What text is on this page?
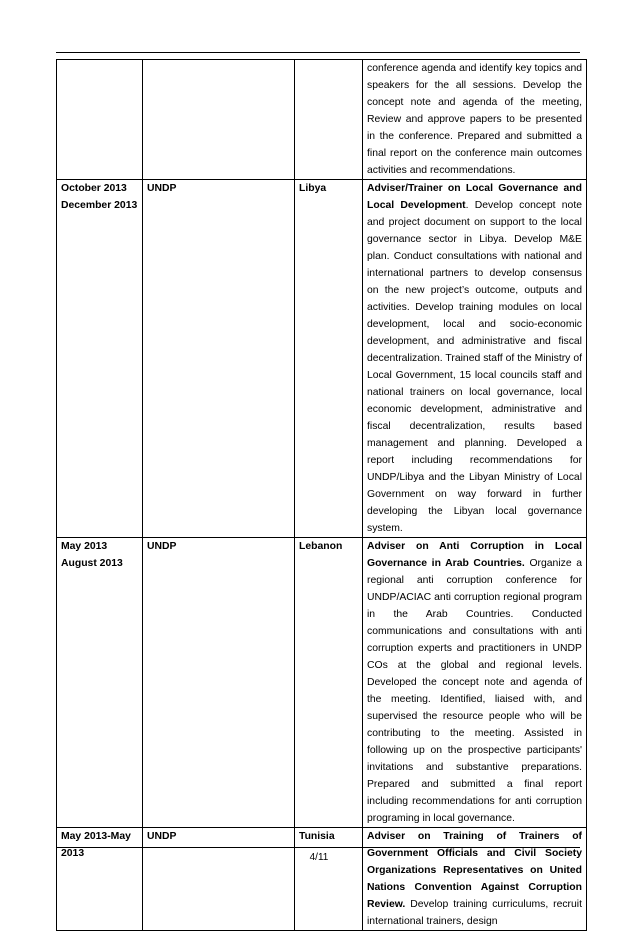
			conference agenda and identify key topics and speakers for the all sessions. Develop the concept note and agenda of the meeting, Review and approve papers to be presented in the conference. Prepared and submitted a final report on the conference main outcomes activities and recommendations.
October 2013 December 2013	UNDP	Libya	Adviser/Trainer on Local Governance and Local Development. Develop concept note and project document on support to the local governance sector in Libya. Develop M&E plan. Conduct consultations with national and international partners to develop consensus on the new project’s outcome, outputs and activities. Develop training modules on local development, local and socio-economic development, and administrative and fiscal decentralization. Trained staff of the Ministry of Local Government, 15 local councils staff and national trainers on local governance, local economic development, administrative and fiscal decentralization, results based management and planning. Developed a report including recommendations for UNDP/Libya and the Libyan Ministry of Local Government on way forward in further developing the Libyan local governance system.
May 2013 August 2013	UNDP	Lebanon	Adviser on Anti Corruption in Local Governance in Arab Countries. Organize a regional anti corruption conference for UNDP/ACIAC anti corruption regional program in the Arab Countries. Conducted communications and consultations with anti corruption experts and practitioners in UNDP COs at the global and regional levels. Developed the concept note and agenda of the meeting. Identified, liaised with, and supervised the resource people who will be contributing to the meeting. Assisted in following up on the prospective participants' invitations and substantive preparations. Prepared and submitted a final report including recommendations for anti corruption programing in local governance.
May 2013-May 2013	UNDP	Tunisia	Adviser on Training of Trainers of Government Officials and Civil Society Organizations Representatives on United Nations Convention Against Corruption Review. Develop training curriculums, recruit international trainers, design
4/11
